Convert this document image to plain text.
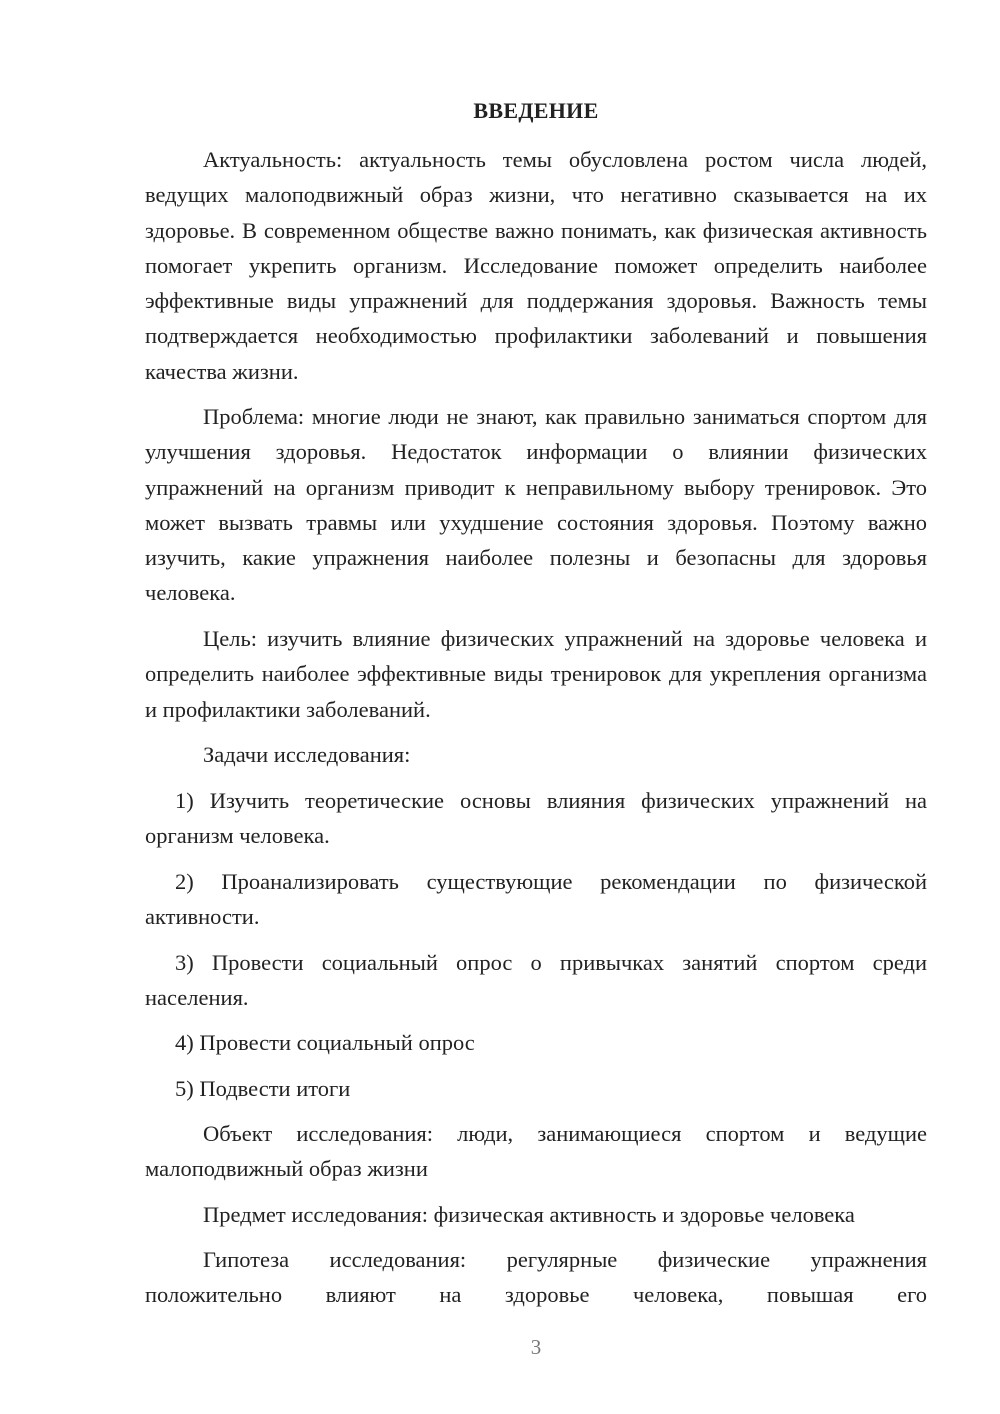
ВВЕДЕНИЕ

Актуальность: актуальность темы обусловлена ростом числа людей, ведущих малоподвижный образ жизни, что негативно сказывается на их здоровье. В современном обществе важно понимать, как физическая активность помогает укрепить организм. Исследование поможет определить наиболее эффективные виды упражнений для поддержания здоровья. Важность темы подтверждается необходимостью профилактики заболеваний и повышения качества жизни.

Проблема: многие люди не знают, как правильно заниматься спортом для улучшения здоровья. Недостаток информации о влиянии физических упражнений на организм приводит к неправильному выбору тренировок. Это может вызвать травмы или ухудшение состояния здоровья. Поэтому важно изучить, какие упражнения наиболее полезны и безопасны для здоровья человека.

Цель: изучить влияние физических упражнений на здоровье человека и определить наиболее эффективные виды тренировок для укрепления организма и профилактики заболеваний.

Задачи исследования:

1) Изучить теоретические основы влияния физических упражнений на организм человека.

2) Проанализировать существующие рекомендации по физической активности.

3) Провести социальный опрос о привычках занятий спортом среди населения.

4) Провести социальный опрос

5) Подвести итоги

Объект исследования: люди, занимающиеся спортом и ведущие малоподвижный образ жизни

Предмет исследования: физическая активность и здоровье человека

Гипотеза исследования: регулярные физические упражнения положительно влияют на здоровье человека, повышая его

3
